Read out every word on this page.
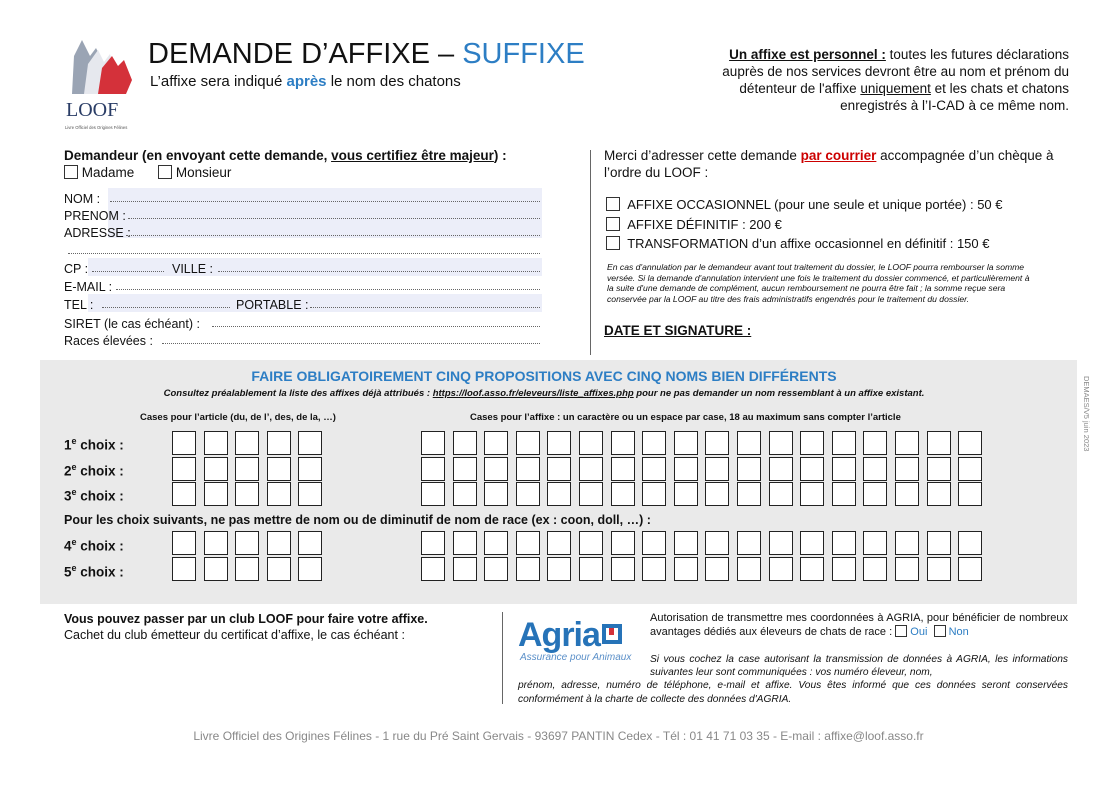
LOOF
Livre Officiel des Origines Félines
DEMANDE D’AFFIXE – SUFFIXE
L’affixe sera indiqué après le nom des chatons
Un affixe est personnel : toutes les futures déclarations auprès de nos services devront être au nom et prénom du détenteur de l'affixe uniquement et les chats et chatons enregistrés à l’I-CAD à ce même nom.
Demandeur (en envoyant cette demande, vous certifiez être majeur) :
Madame	Monsieur
NOM :
PRENOM :
ADRESSE :
CP :	VILLE :
E-MAIL :
TEL :	PORTABLE :
SIRET (le cas échéant) :
Races élevées :
Merci d’adresser cette demande par courrier accompagnée d’un chèque à l’ordre du LOOF :
AFFIXE OCCASIONNEL (pour une seule et unique portée) : 50 €
AFFIXE DÉFINITIF : 200 €
TRANSFORMATION d’un affixe occasionnel en définitif : 150 €
En cas d'annulation par le demandeur avant tout traitement du dossier, le LOOF pourra rembourser la somme versée. Si la demande d'annulation intervient une fois le traitement du dossier commencé, et particulièrement à la suite d'une demande de complément, aucun remboursement ne pourra être fait ; la somme reçue sera conservée par la LOOF au titre des frais administratifs engendrés pour le traitement du dossier.
DATE ET SIGNATURE :
FAIRE OBLIGATOIREMENT CINQ PROPOSITIONS AVEC CINQ NOMS BIEN DIFFÉRENTS
Consultez préalablement la liste des affixes déjà attribués : https://loof.asso.fr/eleveurs/liste_affixes.php pour ne pas demander un nom ressemblant à un affixe existant.
Cases pour l’article (du, de l’, des, de la, …)	Cases pour l’affixe : un caractère ou un espace par case, 18 au maximum sans compter l’article
1e choix :
2e choix :
3e choix :
Pour les choix suivants, ne pas mettre de nom ou de diminutif de nom de race (ex : coon, doll, …) :
4e choix :
5e choix :
DEMAES/V5 juin 2023
Vous pouvez passer par un club LOOF pour faire votre affixe.
Cachet du club émetteur du certificat d’affixe, le cas échéant :	Agria
Assurance pour Animaux
Autorisation de transmettre mes coordonnées à AGRIA, pour bénéficier de nombreux avantages dédiés aux éleveurs de chats de race :  Oui Non
Si vous cochez la case autorisant la transmission de données à AGRIA, les informations suivantes leur sont communiquées : vos numéro éleveur, nom,
prénom, adresse, numéro de téléphone, e-mail et affixe. Vous êtes informé que ces données seront conservées conformément à la charte de collecte des données d'AGRIA.
Livre Officiel des Origines Félines - 1 rue du Pré Saint Gervais - 93697 PANTIN Cedex - Tél : 01 41 71 03 35 - E-mail : affixe@loof.asso.fr
